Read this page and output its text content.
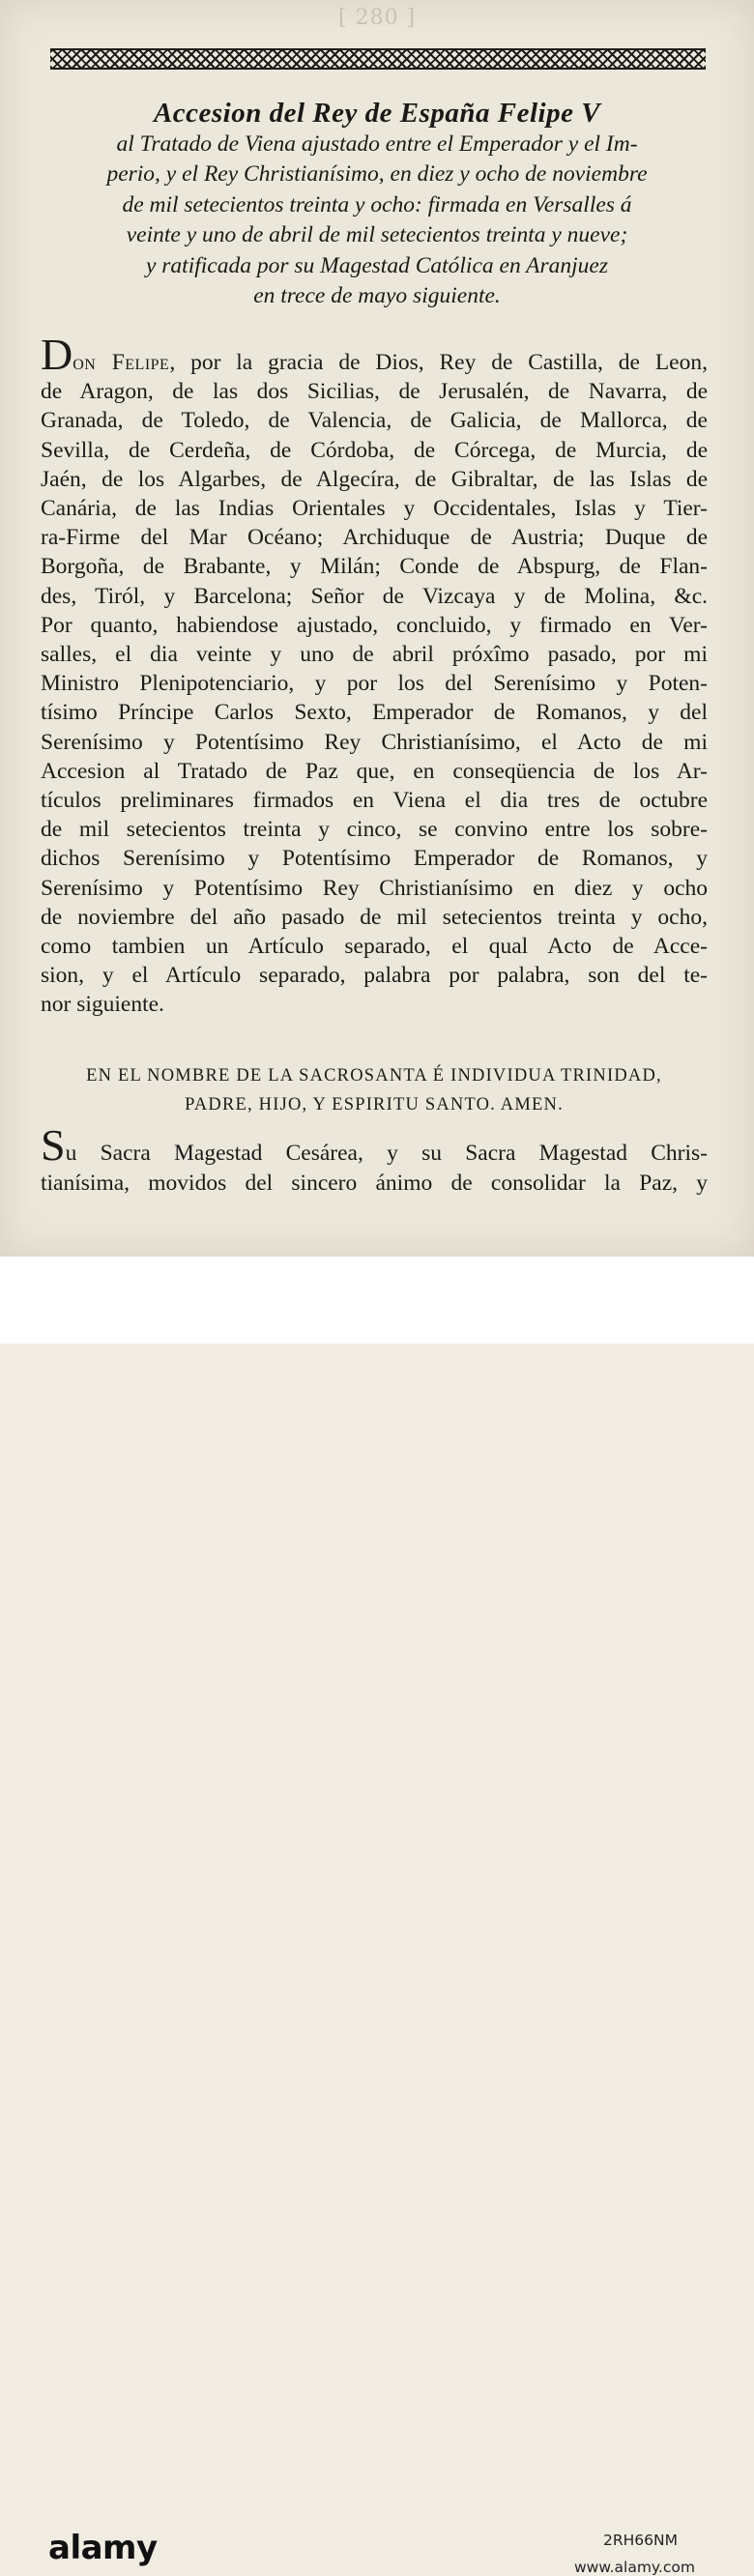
[ 280 ]
Accesion del Rey de España Felipe V
al Tratado de Viena ajustado entre el Emperador y el Im-
perio, y el Rey Christianísimo, en diez y ocho de noviembre
de mil setecientos treinta y ocho: firmada en Versalles á
veinte y uno de abril de mil setecientos treinta y nueve;
y ratificada por su Magestad Católica en Aranjuez
en trece de mayo siguiente.
Don Felipe, por la gracia de Dios, Rey de Castilla, de Leon,
de Aragon, de las dos Sicilias, de Jerusalén, de Navarra, de
Granada, de Toledo, de Valencia, de Galicia, de Mallorca, de
Sevilla, de Cerdeña, de Córdoba, de Córcega, de Murcia, de
Jaén, de los Algarbes, de Algecíra, de Gibraltar, de las Islas de
Canária, de las Indias Orientales y Occidentales, Islas y Tier-
ra-Firme del Mar Océano; Archiduque de Austria; Duque de
Borgoña, de Brabante, y Milán; Conde de Abspurg, de Flan-
des, Tiról, y Barcelona; Señor de Vizcaya y de Molina, &c.
Por quanto, habiendose ajustado, concluido, y firmado en Ver-
salles, el dia veinte y uno de abril próxîmo pasado, por mi
Ministro Plenipotenciario, y por los del Serenísimo y Poten-
tísimo Príncipe Carlos Sexto, Emperador de Romanos, y del
Serenísimo y Potentísimo Rey Christianísimo, el Acto de mi
Accesion al Tratado de Paz que, en conseqüencia de los Ar-
tículos preliminares firmados en Viena el dia tres de octubre
de mil setecientos treinta y cinco, se convino entre los sobre-
dichos Serenísimo y Potentísimo Emperador de Romanos, y
Serenísimo y Potentísimo Rey Christianísimo en diez y ocho
de noviembre del año pasado de mil setecientos treinta y ocho,
como tambien un Artículo separado, el qual Acto de Acce-
sion, y el Artículo separado, palabra por palabra, son del te-
nor siguiente.
EN EL NOMBRE DE LA SACROSANTA É INDIVIDUA TRINIDAD,
PADRE, HIJO, Y ESPIRITU SANTO. AMEN.
Su Sacra Magestad Cesárea, y su Sacra Magestad Chris-
tianísima, movidos del sincero ánimo de consolidar la Paz, y
alamy	2RH66NM
www.alamy.com
